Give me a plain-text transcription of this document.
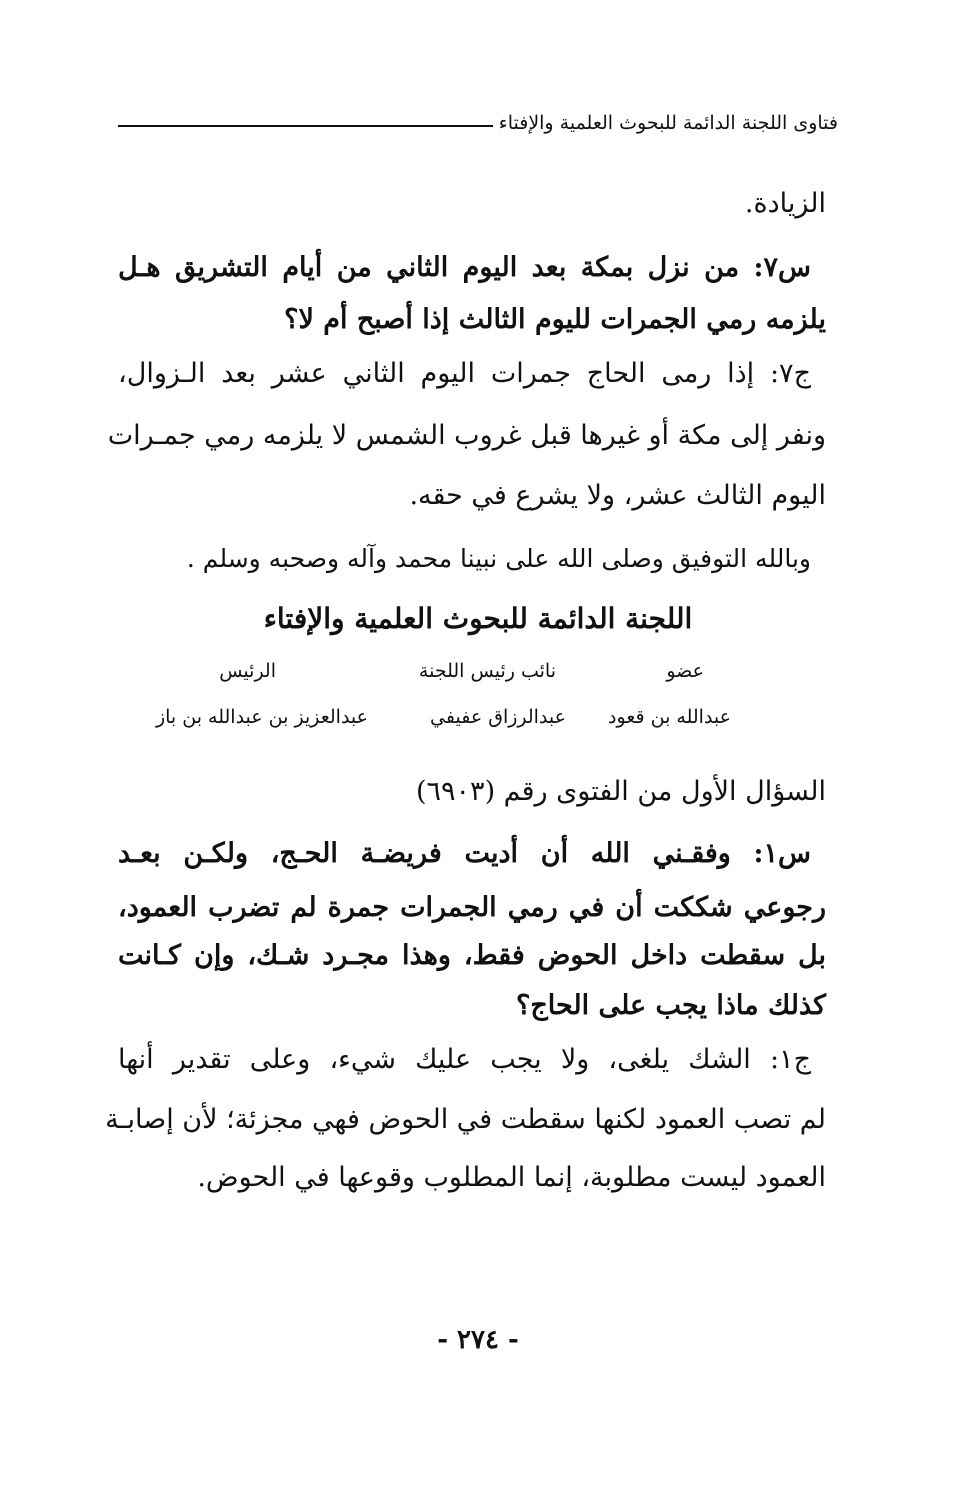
فتاوى اللجنة الدائمة للبحوث العلمية والإفتاء
الزيادة.
س٧: من نزل بمكة بعد اليوم الثاني من أيام التشريق هـل
يلزمه رمي الجمرات لليوم الثالث إذا أصبح أم لا؟
ج٧: إذا رمى الحاج جمرات اليوم الثاني عشر بعد الـزوال،
ونفر إلى مكة أو غيرها قبل غروب الشمس لا يلزمه رمي جمـرات
اليوم الثالث عشر، ولا يشرع في حقه.
وبالله التوفيق وصلى الله على نبينا محمد وآله وصحبه وسلم .
اللجنة الدائمة للبحوث العلمية والإفتاء
عضو
نائب رئيس اللجنة
الرئيس
عبدالله بن قعود
عبدالرزاق عفيفي
عبدالعزيز بن عبدالله بن باز
السؤال الأول من الفتوى رقم (٦٩٠٣)
س١: وفقـني الله أن أديت فريضـة الحـج، ولكـن بعـد
رجوعي شككت أن في رمي الجمرات جمرة لم تضرب العمود،
بل سقطت داخل الحوض فقط، وهذا مجـرد شـك، وإن كـانت
كذلك ماذا يجب على الحاج؟
ج١: الشك يلغى، ولا يجب عليك شيء، وعلى تقدير أنها
لم تصب العمود لكنها سقطت في الحوض فهي مجزئة؛ لأن إصابـة
العمود ليست مطلوبة، إنما المطلوب وقوعها في الحوض.
- ٢٧٤ -
